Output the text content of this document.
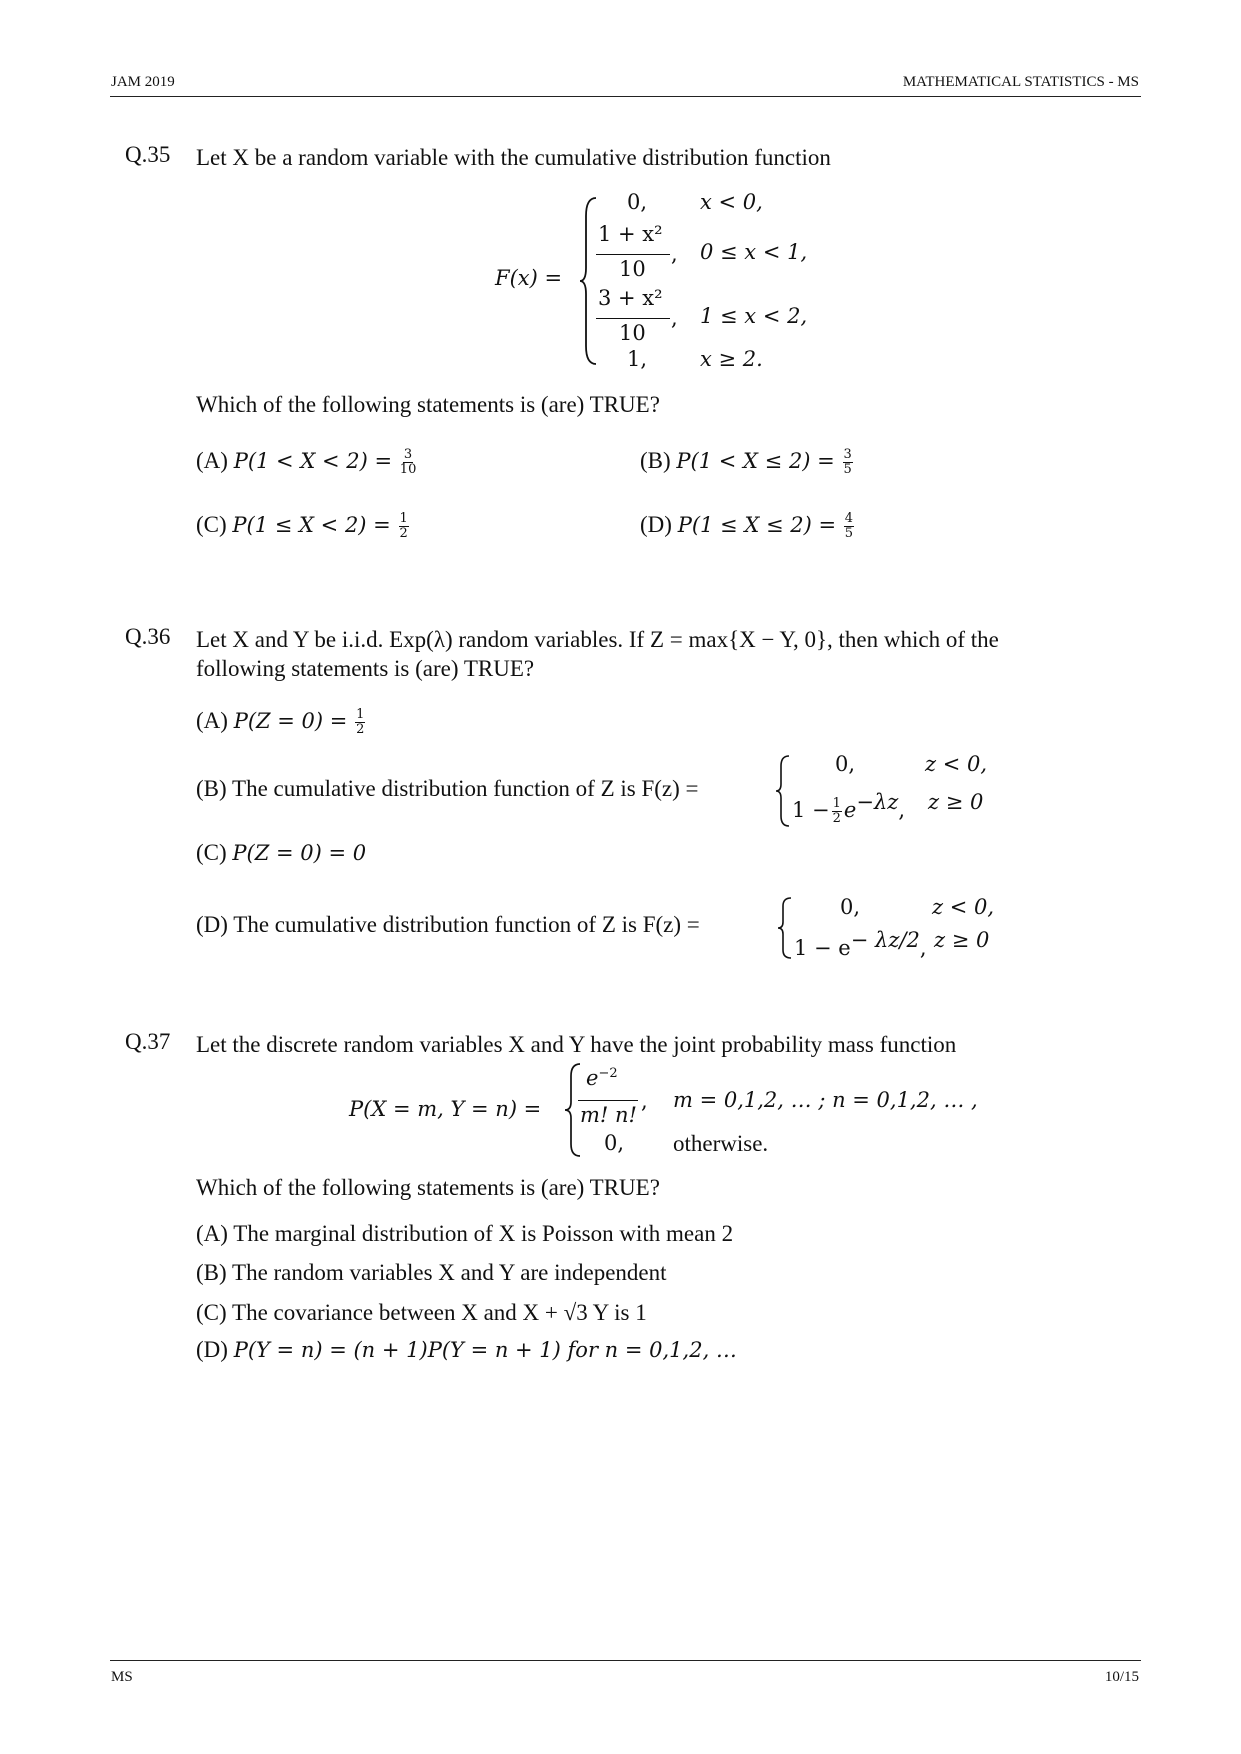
JAM 2019	MATHEMATICAL STATISTICS - MS
Q.35 Let X be a random variable with the cumulative distribution function
F(x) =
0,	x < 0,
1 + x²
10
, 0 ≤ x < 1,
3 + x²
10
, 1 ≤ x < 2,
1,	x ≥ 2.
Which of the following statements is (are) TRUE?
(A) $P(1 < X < 2) = \frac{3}{10}$	(B) $P(1 < X \le 2) = \frac{3}{5}$
(C) $P(1 \le X < 2) = \frac{1}{2}$	(D) $P(1 \le X \le 2) = \frac{4}{5}$
Q.36 Let X and Y be i.i.d. Exp(λ) random variables. If Z = max{X − Y, 0}, then which of the
following statements is (are) TRUE?
(A) $P(Z = 0) = \frac{1}{2}$
(B) The cumulative distribution function of Z is F(z) =
0,	z < 0,
$1 - \frac{1}{2} e^{-\lambda z}$, z ≥ 0
(C) P(Z = 0) = 0
(D) The cumulative distribution function of Z is F(z) =
0,	z < 0,
$1 - e^{- \lambda z/2}$, z ≥ 0
Q.37 Let the discrete random variables X and Y have the joint probability mass function
P(X = m, Y = n) =
$e^{-2}$
m! n!
, m = 0,1,2, … ; n = 0,1,2, … ,
0, otherwise.
Which of the following statements is (are) TRUE?
(A) The marginal distribution of X is Poisson with mean 2
(B) The random variables X and Y are independent
(C) The covariance between X and X + √3 Y is 1
(D) P(Y = n) = (n + 1)P(Y = n + 1) for n = 0,1,2, …
MS	10/15
